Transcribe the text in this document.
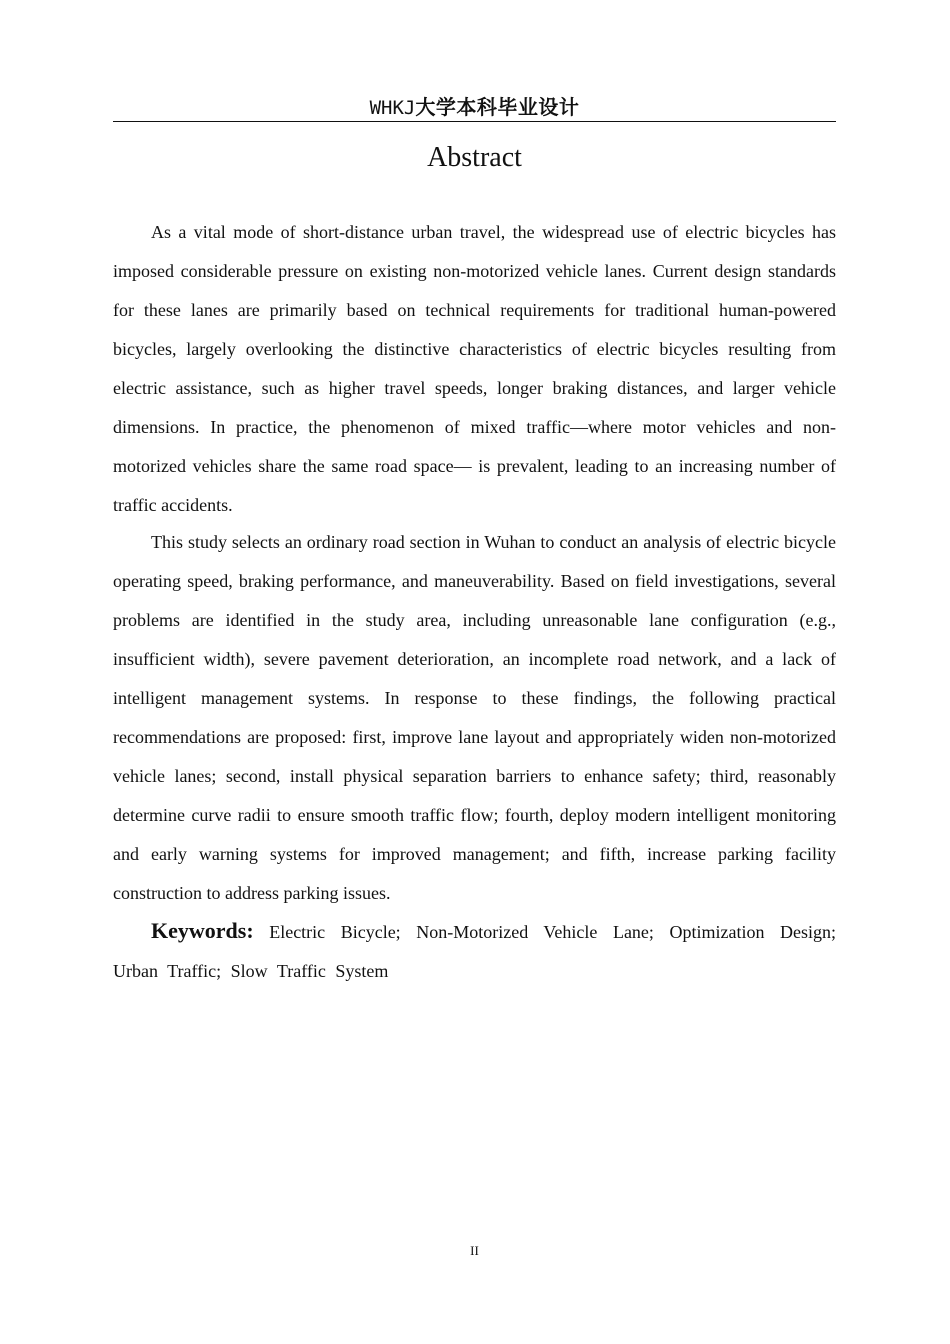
WHKJ大学本科毕业设计
Abstract

As a vital mode of short-distance urban travel, the widespread use of electric bicycles has imposed considerable pressure on existing non-motorized vehicle lanes. Current design standards for these lanes are primarily based on technical requirements for traditional human-powered bicycles, largely overlooking the distinctive characteristics of electric bicycles resulting from electric assistance, such as higher travel speeds, longer braking distances, and larger vehicle dimensions. In practice, the phenomenon of mixed traffic—where motor vehicles and non-motorized vehicles share the same road space— is prevalent, leading to an increasing number of traffic accidents.

This study selects an ordinary road section in Wuhan to conduct an analysis of electric bicycle operating speed, braking performance, and maneuverability. Based on field investigations, several problems are identified in the study area, including unreasonable lane configuration (e.g., insufficient width), severe pavement deterioration, an incomplete road network, and a lack of intelligent management systems. In response to these findings, the following practical recommendations are proposed: first, improve lane layout and appropriately widen non-motorized vehicle lanes; second, install physical separation barriers to enhance safety; third, reasonably determine curve radii to ensure smooth traffic flow; fourth, deploy modern intelligent monitoring and early warning systems for improved management; and fifth, increase parking facility construction to address parking issues.

Keywords: Electric Bicycle; Non-Motorized Vehicle Lane; Optimization Design; Urban Traffic; Slow Traffic System

II
